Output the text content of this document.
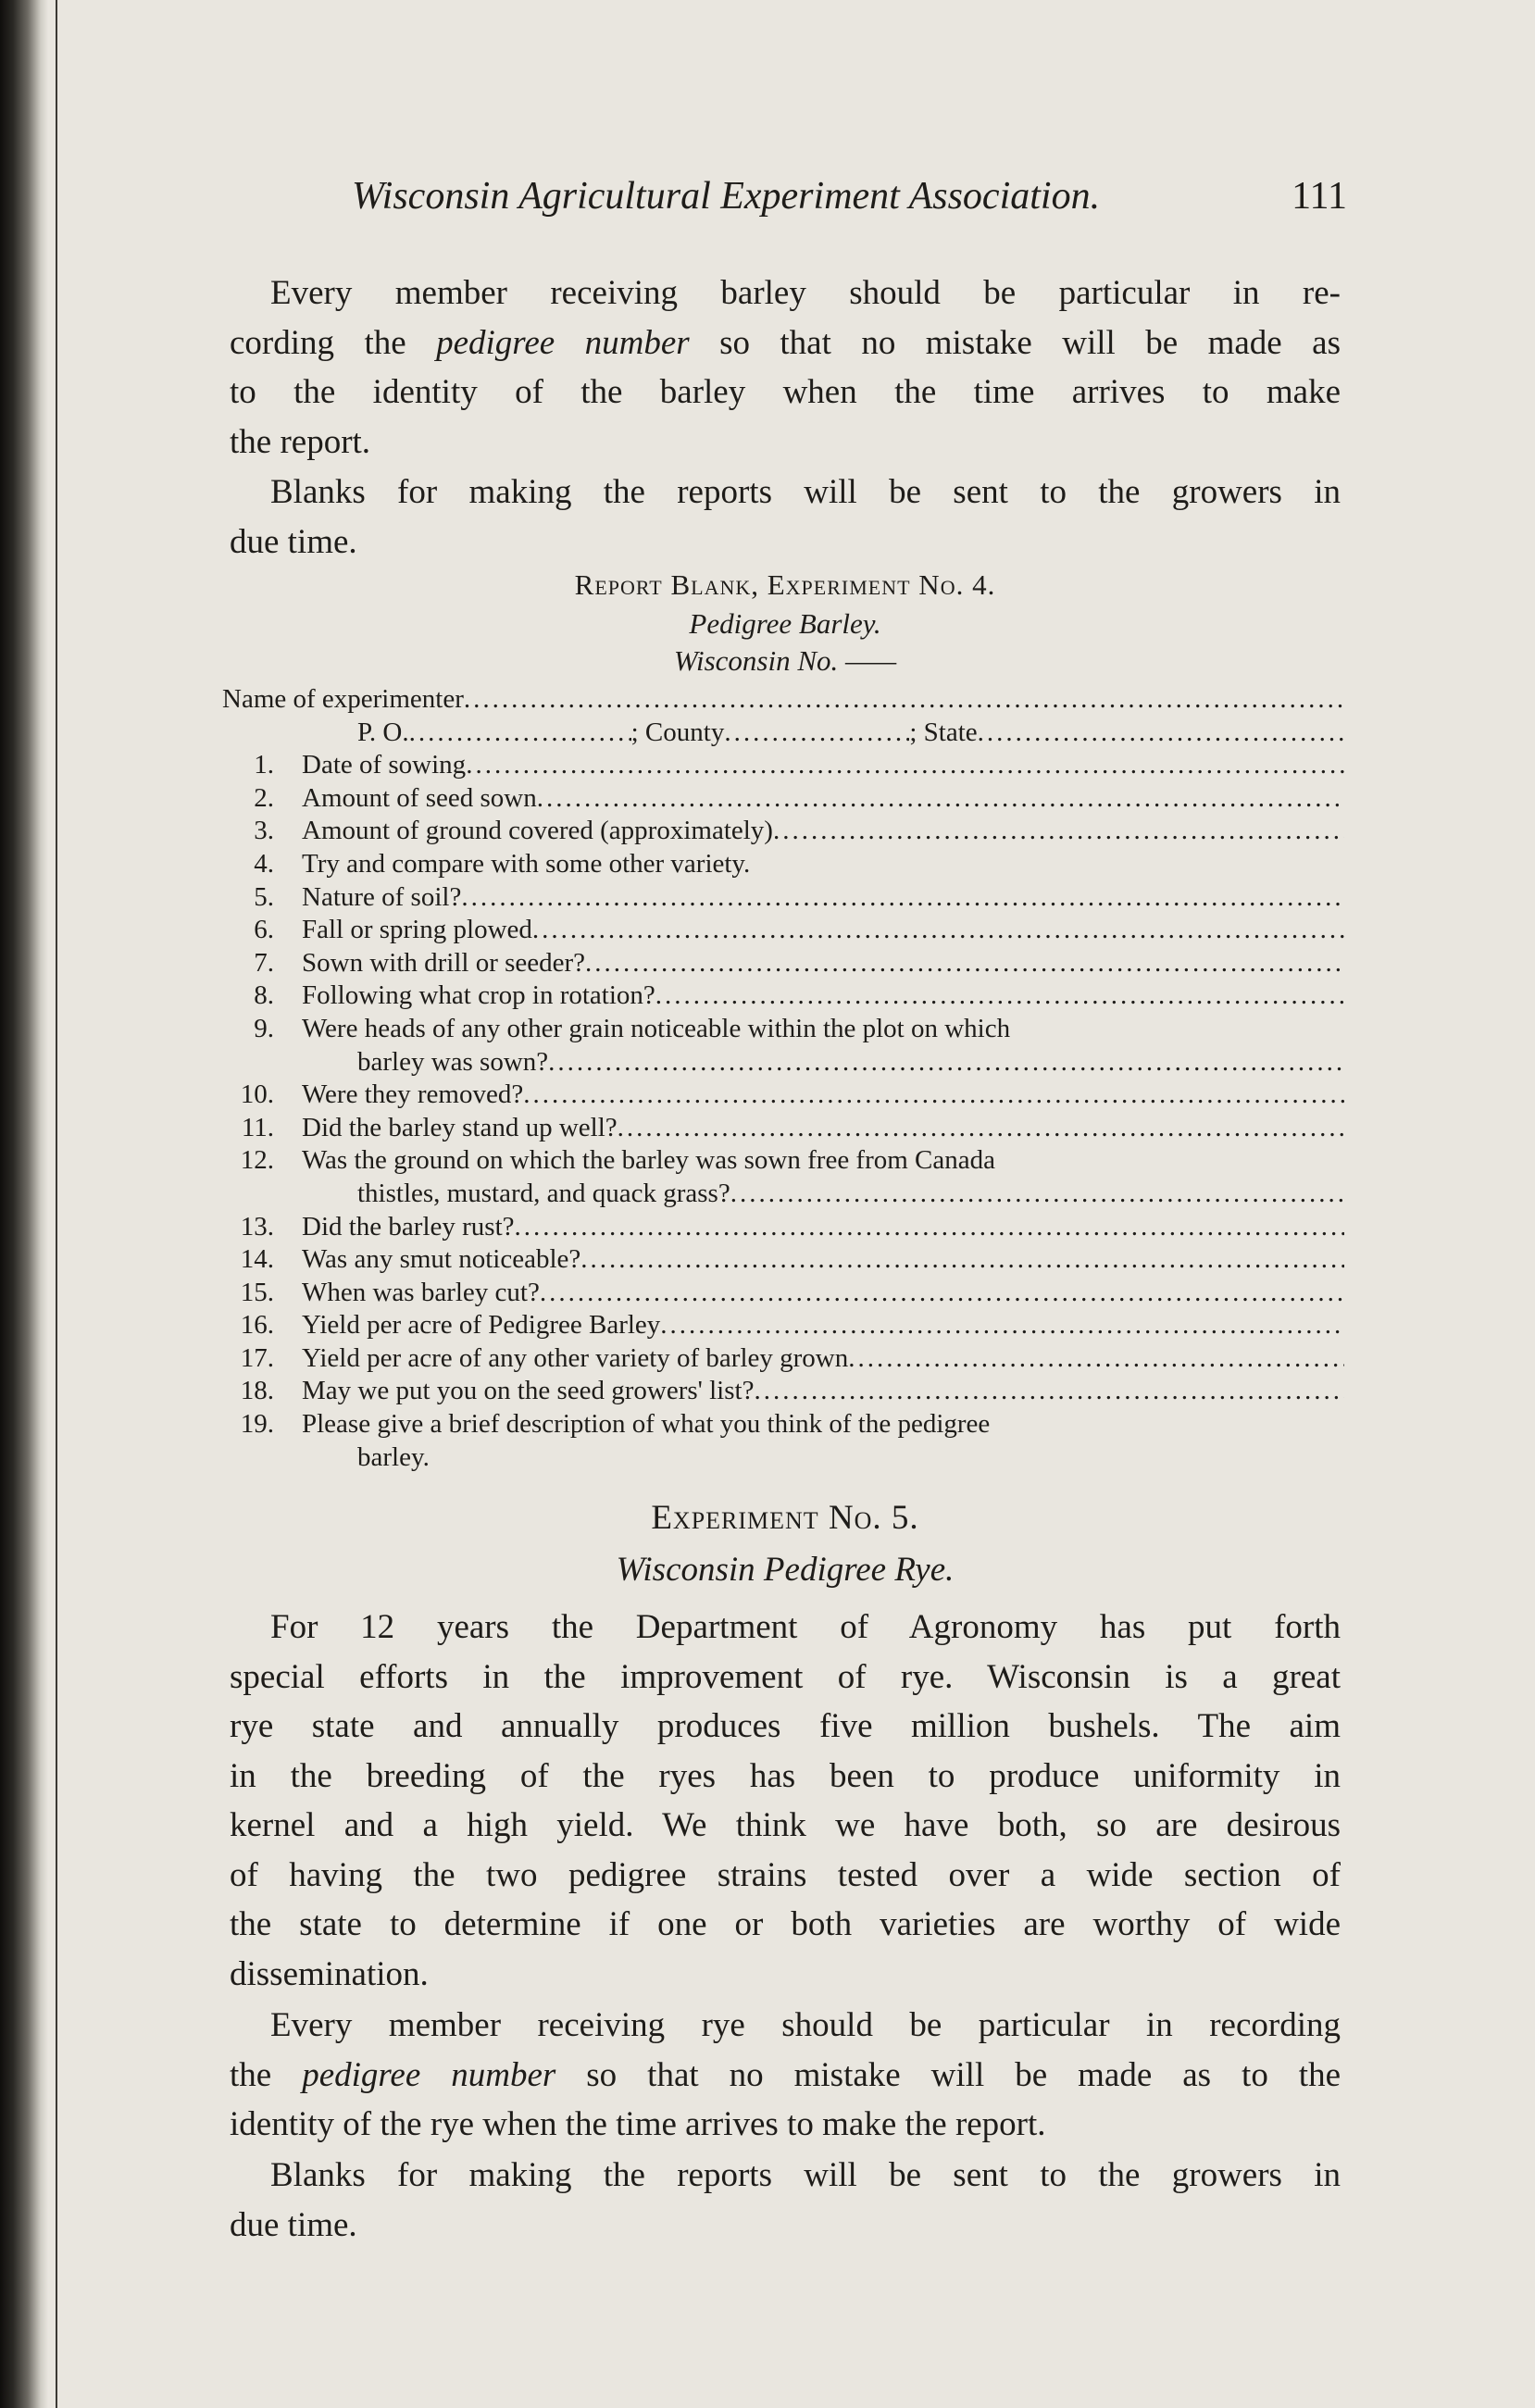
Wisconsin Agricultural Experiment Association.	111

Every member receiving barley should be particular in re-
cording the pedigree number so that no mistake will be made as
to the identity of the barley when the time arrives to make
the report.

Blanks for making the reports will be sent to the growers in
due time.

Report Blank, Experiment No. 4.
Pedigree Barley.
Wisconsin No. ——
Name of experimenter
.....
P. O. .....	; County .....	; State
.....
1. Date of sowing
.....
2. Amount of seed sown
.....
3. Amount of ground covered (approximately)
.....
4. Try and compare with some other variety.
5. Nature of soil?
.....
6. Fall or spring plowed
.....
7. Sown with drill or seeder?
.....
8. Following what crop in rotation?
.....
9. Were heads of any other grain noticeable within the plot on which
barley was sown?
.....
10. Were they removed?
.....
11. Did the barley stand up well?
.....
12. Was the ground on which the barley was sown free from Canada
thistles, mustard, and quack grass?
.....
13. Did the barley rust?
.....
14. Was any smut noticeable?
.....
15. When was barley cut?
.....
16. Yield per acre of Pedigree Barley
.....
17. Yield per acre of any other variety of barley grown
.....
18. May we put you on the seed growers' list?
.....
19. Please give a brief description of what you think of the pedigree
barley.
Experiment No. 5.
Wisconsin Pedigree Rye.

For 12 years the Department of Agronomy has put forth
special efforts in the improvement of rye. Wisconsin is a great
rye state and annually produces five million bushels. The aim
in the breeding of the ryes has been to produce uniformity in
kernel and a high yield. We think we have both, so are desirous
of having the two pedigree strains tested over a wide section of
the state to determine if one or both varieties are worthy of wide
dissemination.

Every member receiving rye should be particular in recording
the pedigree number so that no mistake will be made as to the
identity of the rye when the time arrives to make the report.

Blanks for making the reports will be sent to the growers in
due time.
